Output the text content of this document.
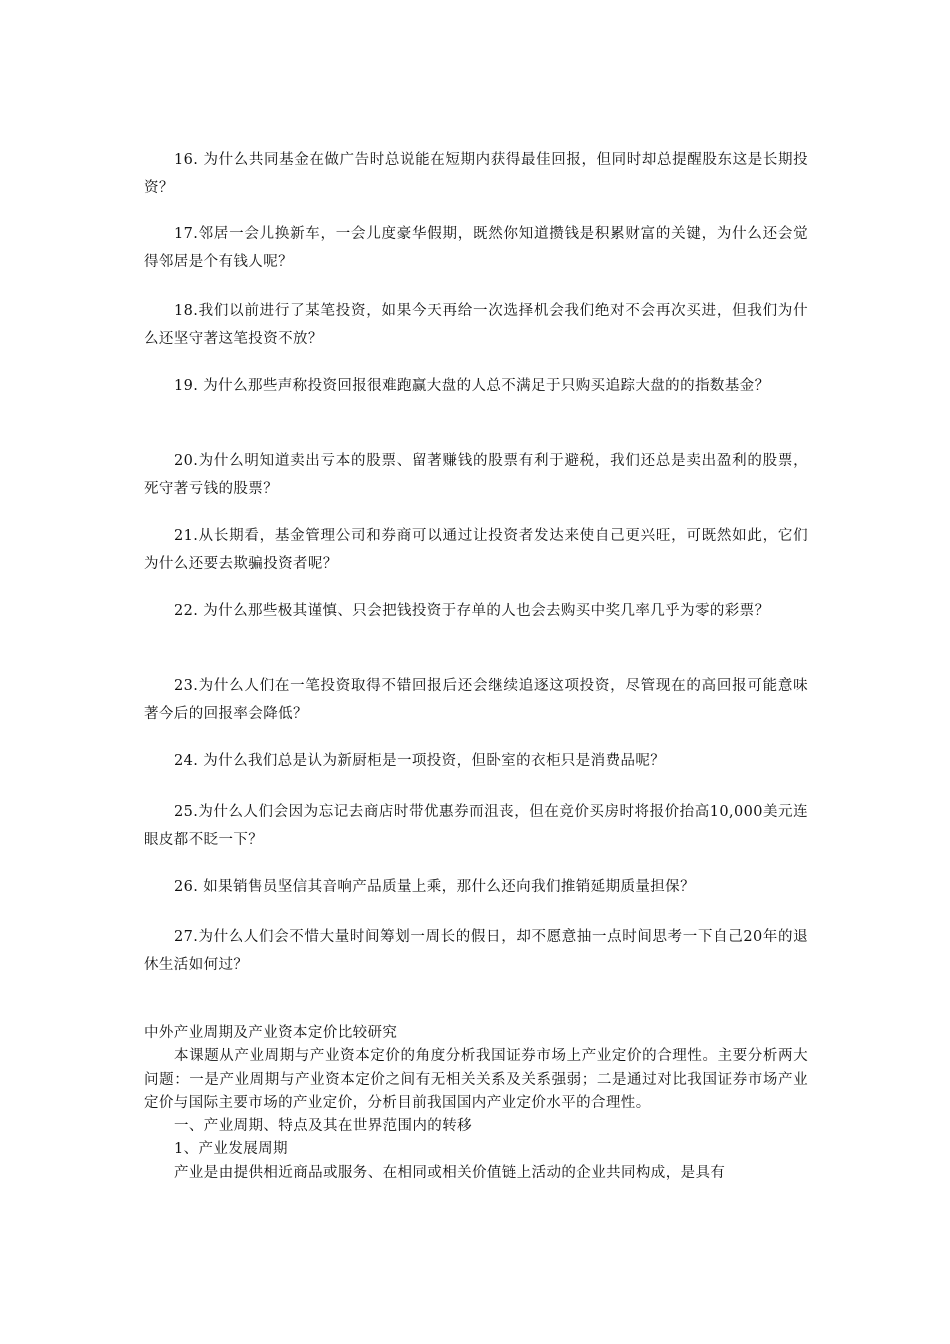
16. 为什么共同基金在做广告时总说能在短期内获得最佳回报，但同时却总提醒股东这是长期投资？

17.邻居一会儿换新车，一会儿度豪华假期，既然你知道攒钱是积累财富的关键，为什么还会觉得邻居是个有钱人呢？

18.我们以前进行了某笔投资，如果今天再给一次选择机会我们绝对不会再次买进，但我们为什么还坚守著这笔投资不放？

19. 为什么那些声称投资回报很难跑赢大盘的人总不满足于只购买追踪大盘的的指数基金？

20.为什么明知道卖出亏本的股票、留著赚钱的股票有利于避税，我们还总是卖出盈利的股票，死守著亏钱的股票？

21.从长期看，基金管理公司和券商可以通过让投资者发达来使自己更兴旺，可既然如此，它们为什么还要去欺骗投资者呢？

22. 为什么那些极其谨慎、只会把钱投资于存单的人也会去购买中奖几率几乎为零的彩票？

23.为什么人们在一笔投资取得不错回报后还会继续追逐这项投资，尽管现在的高回报可能意味著今后的回报率会降低？

24. 为什么我们总是认为新厨柜是一项投资，但卧室的衣柜只是消费品呢？

25.为什么人们会因为忘记去商店时带优惠券而沮丧，但在竞价买房时将报价抬高10,000美元连眼皮都不眨一下？

26. 如果销售员坚信其音响产品质量上乘，那什么还向我们推销延期质量担保？

27.为什么人们会不惜大量时间筹划一周长的假日，却不愿意抽一点时间思考一下自己20年的退休生活如何过？

中外产业周期及产业资本定价比较研究

本课题从产业周期与产业资本定价的角度分析我国证券市场上产业定价的合理性。主要分析两大问题：一是产业周期与产业资本定价之间有无相关关系及关系强弱；二是通过对比我国证券市场产业定价与国际主要市场的产业定价，分析目前我国国内产业定价水平的合理性。

一、产业周期、特点及其在世界范围内的转移

1、产业发展周期

产业是由提供相近商品或服务、在相同或相关价值链上活动的企业共同构成，是具有
